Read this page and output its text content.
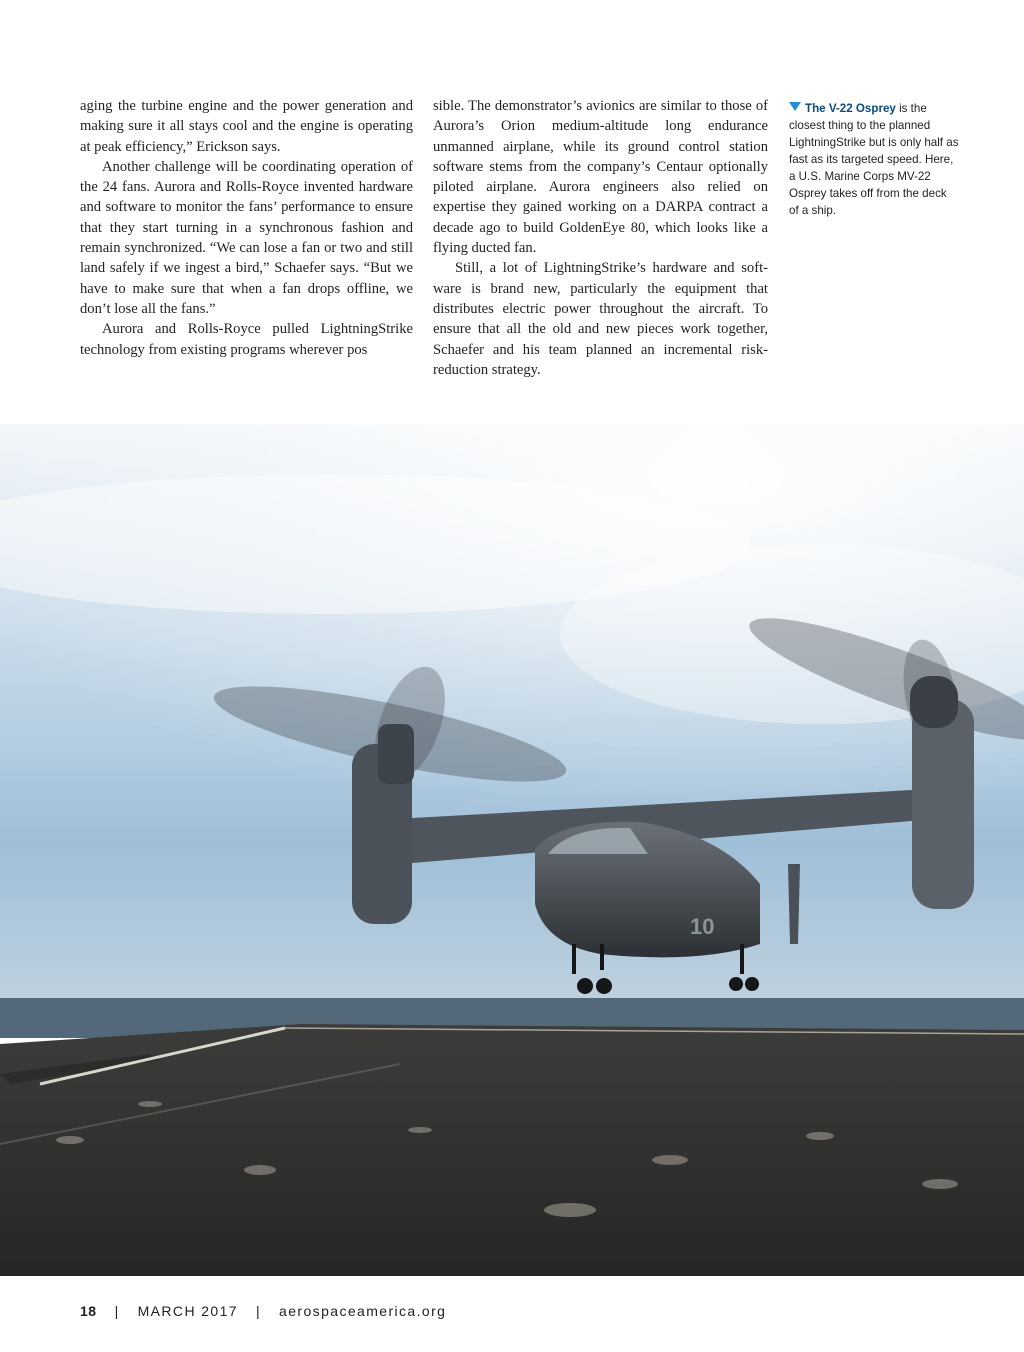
aging the turbine engine and the power generation and making sure it all stays cool and the engine is operating at peak efficiency,” Erickson says.

Another challenge will be coordinating operation of the 24 fans. Aurora and Rolls-Royce invented hardware and software to monitor the fans’ performance to ensure that they start turning in a synchronous fashion and remain synchronized. “We can lose a fan or two and still land safely if we ingest a bird,” Schaefer says. “But we have to make sure that when a fan drops offline, we don’t lose all the fans.”

Aurora and Rolls-Royce pulled LightningStrike technology from existing programs wherever pos

sible. The demonstrator’s avionics are similar to those of Aurora’s Orion medium-altitude long endurance unmanned airplane, while its ground control station software stems from the company’s Centaur optionally piloted airplane. Aurora engineers also relied on expertise they gained working on a DARPA contract a decade ago to build GoldenEye 80, which looks like a flying ducted fan.

Still, a lot of LightningStrike’s hardware and software is brand new, particularly the equipment that distributes electric power throughout the aircraft. To ensure that all the old and new pieces work together, Schaefer and his team planned an incremental risk-reduction strategy.

The V-22 Osprey is the closest thing to the planned LightningStrike but is only half as fast as its targeted speed. Here, a U.S. Marine Corps MV-22 Osprey takes off from the deck of a ship.
10
18 | MARCH 2017 | aerospaceamerica.org
